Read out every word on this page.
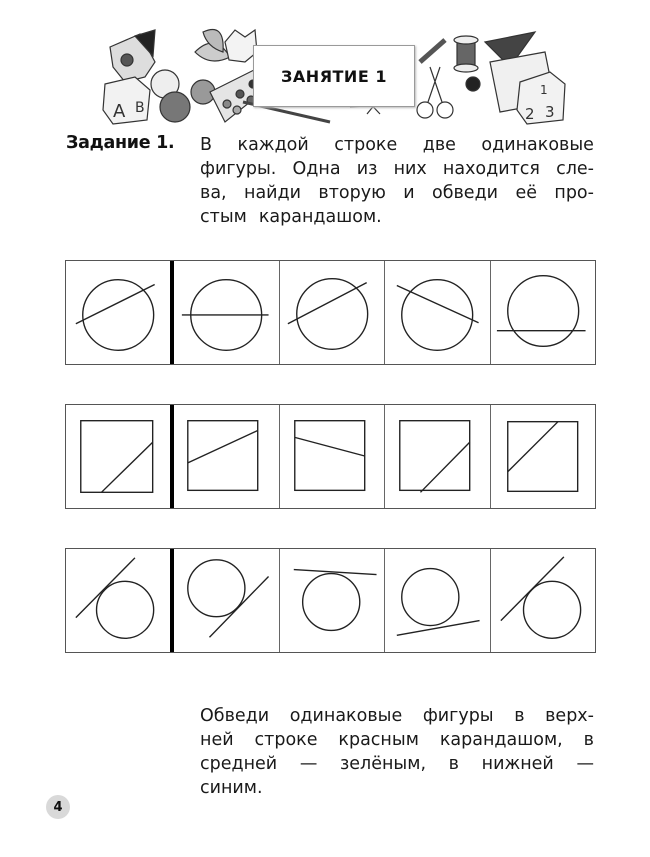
A B	2 3
1
ЗАНЯТИЕ 1
Задание 1. В каждой строке две одинаковые
фигуры. Одна из них находится сле-
ва, найди вторую и обведи её про-
стым карандашом.
Обведи одинаковые фигуры в верх-
ней строке красным карандашом, в
средней — зелёным, в нижней —
синим.
4
